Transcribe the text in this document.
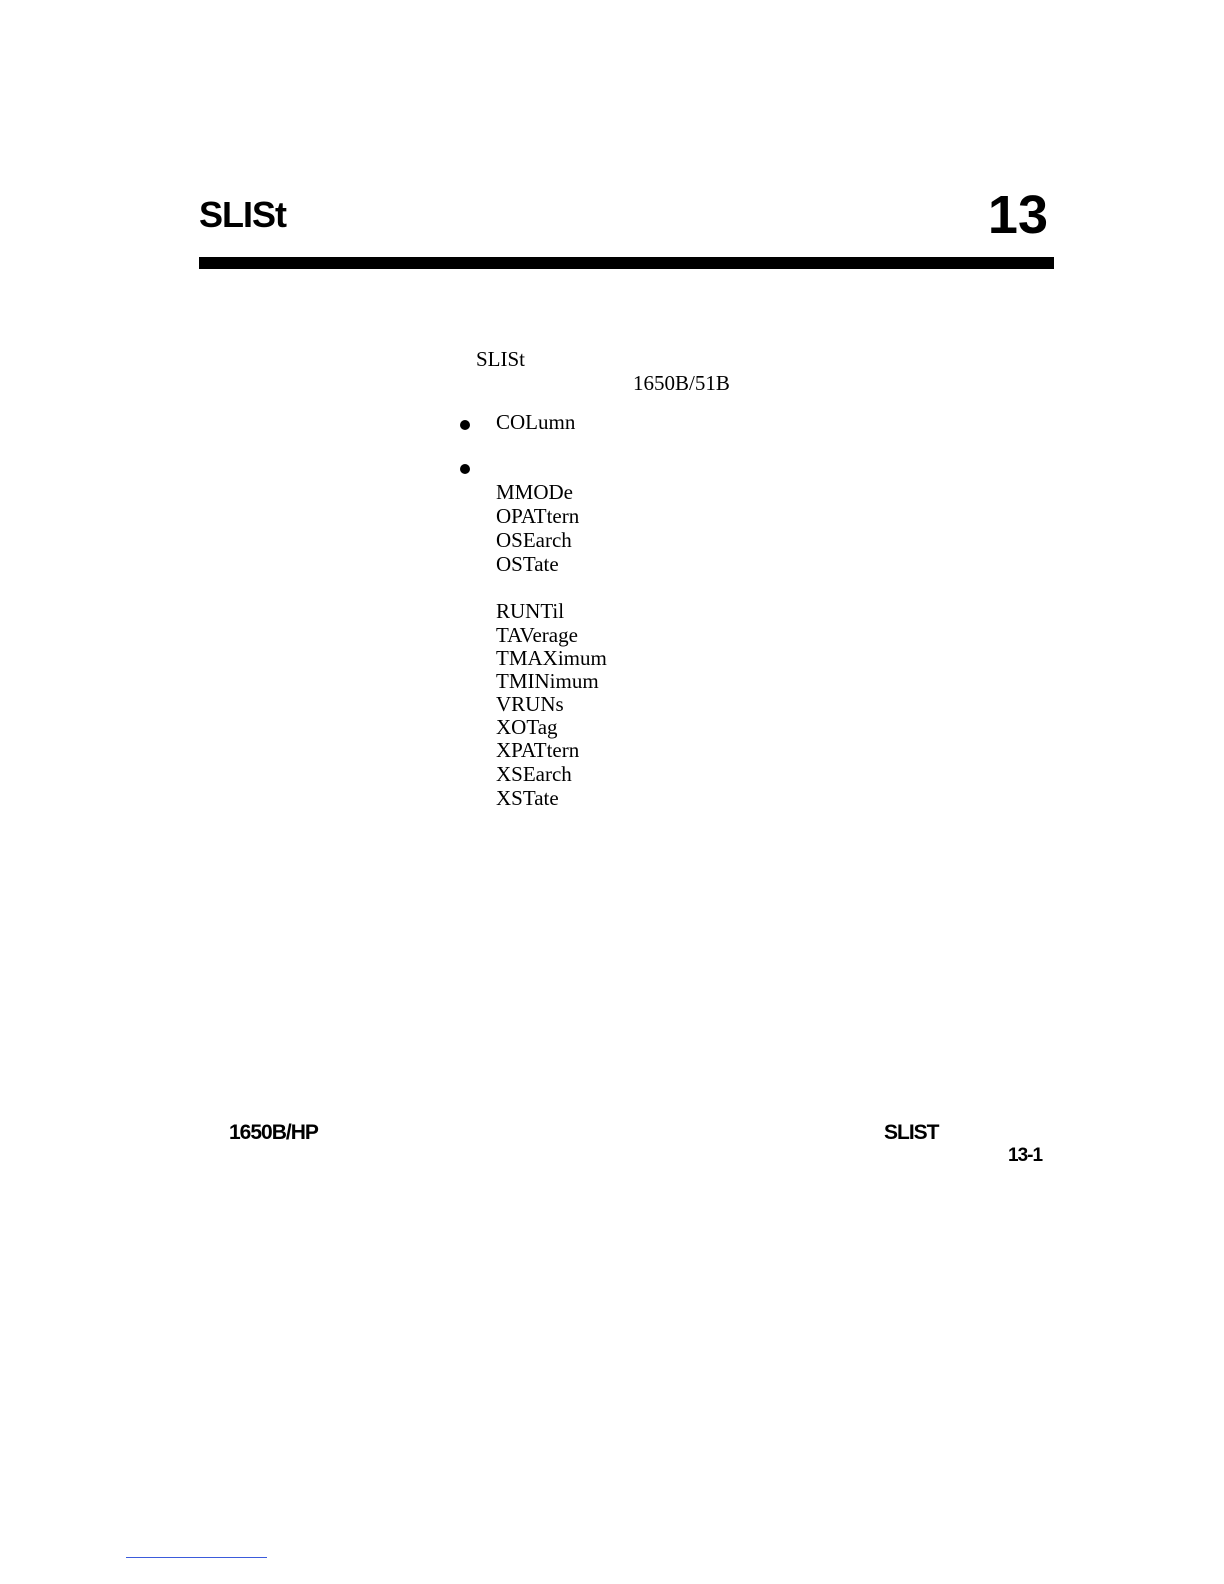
SLISt	13
SLISt
1650B/51B
COLumn
MMODe
OPATtern
OSEarch
OSTate
RUNTil
TAVerage
TMAXimum
TMINimum
VRUNs
XOTag
XPATtern
XSEarch
XSTate
1650B/HP	SLIST
13-1
